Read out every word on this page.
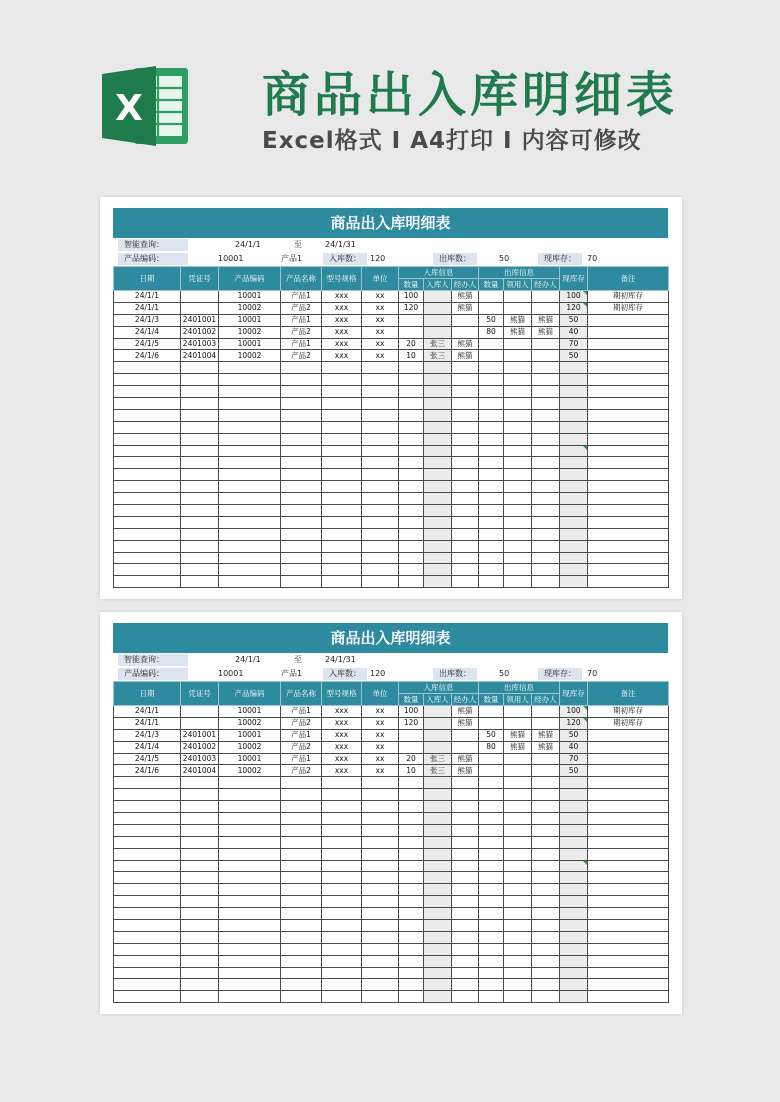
X 商品出入库明细表
Excel格式 I A4打印 I 内容可修改
商品出入库明细表
智能查询：	24/1/1	至	24/1/31
产品编码：	10001	产品1	入库数：	120	出库数：	50	现库存：	70
日期	凭证号	产品编码	产品名称	型号规格	单位	入库信息			出库信息			现库存	备注
						数量	入库人	经办人	数量	领用人	经办人		
24/1/1		10001	产品1	xxx	xx	100		熊猫				100	期初库存
24/1/1		10002	产品2	xxx	xx	120		熊猫				120	期初库存
24/1/3	2401001	10001	产品1	xxx	xx				50	熊猫	熊猫	50	
24/1/4	2401002	10002	产品2	xxx	xx				80	熊猫	熊猫	40	
24/1/5	2401003	10001	产品1	xxx	xx	20	张三	熊猫				70	
24/1/6	2401004	10002	产品2	xxx	xx	10	张三	熊猫				50	

商品出入库明细表
智能查询：	24/1/1	至	24/1/31
产品编码：	10001	产品1	入库数：	120	出库数：	50	现库存：	70
日期	凭证号	产品编码	产品名称	型号规格	单位	入库信息			出库信息			现库存	备注
						数量	入库人	经办人	数量	领用人	经办人		
24/1/1		10001	产品1	xxx	xx	100		熊猫				100	期初库存
24/1/1		10002	产品2	xxx	xx	120		熊猫				120	期初库存
24/1/3	2401001	10001	产品1	xxx	xx				50	熊猫	熊猫	50	
24/1/4	2401002	10002	产品2	xxx	xx				80	熊猫	熊猫	40	
24/1/5	2401003	10001	产品1	xxx	xx	20	张三	熊猫				70	
24/1/6	2401004	10002	产品2	xxx	xx	10	张三	熊猫				50	
